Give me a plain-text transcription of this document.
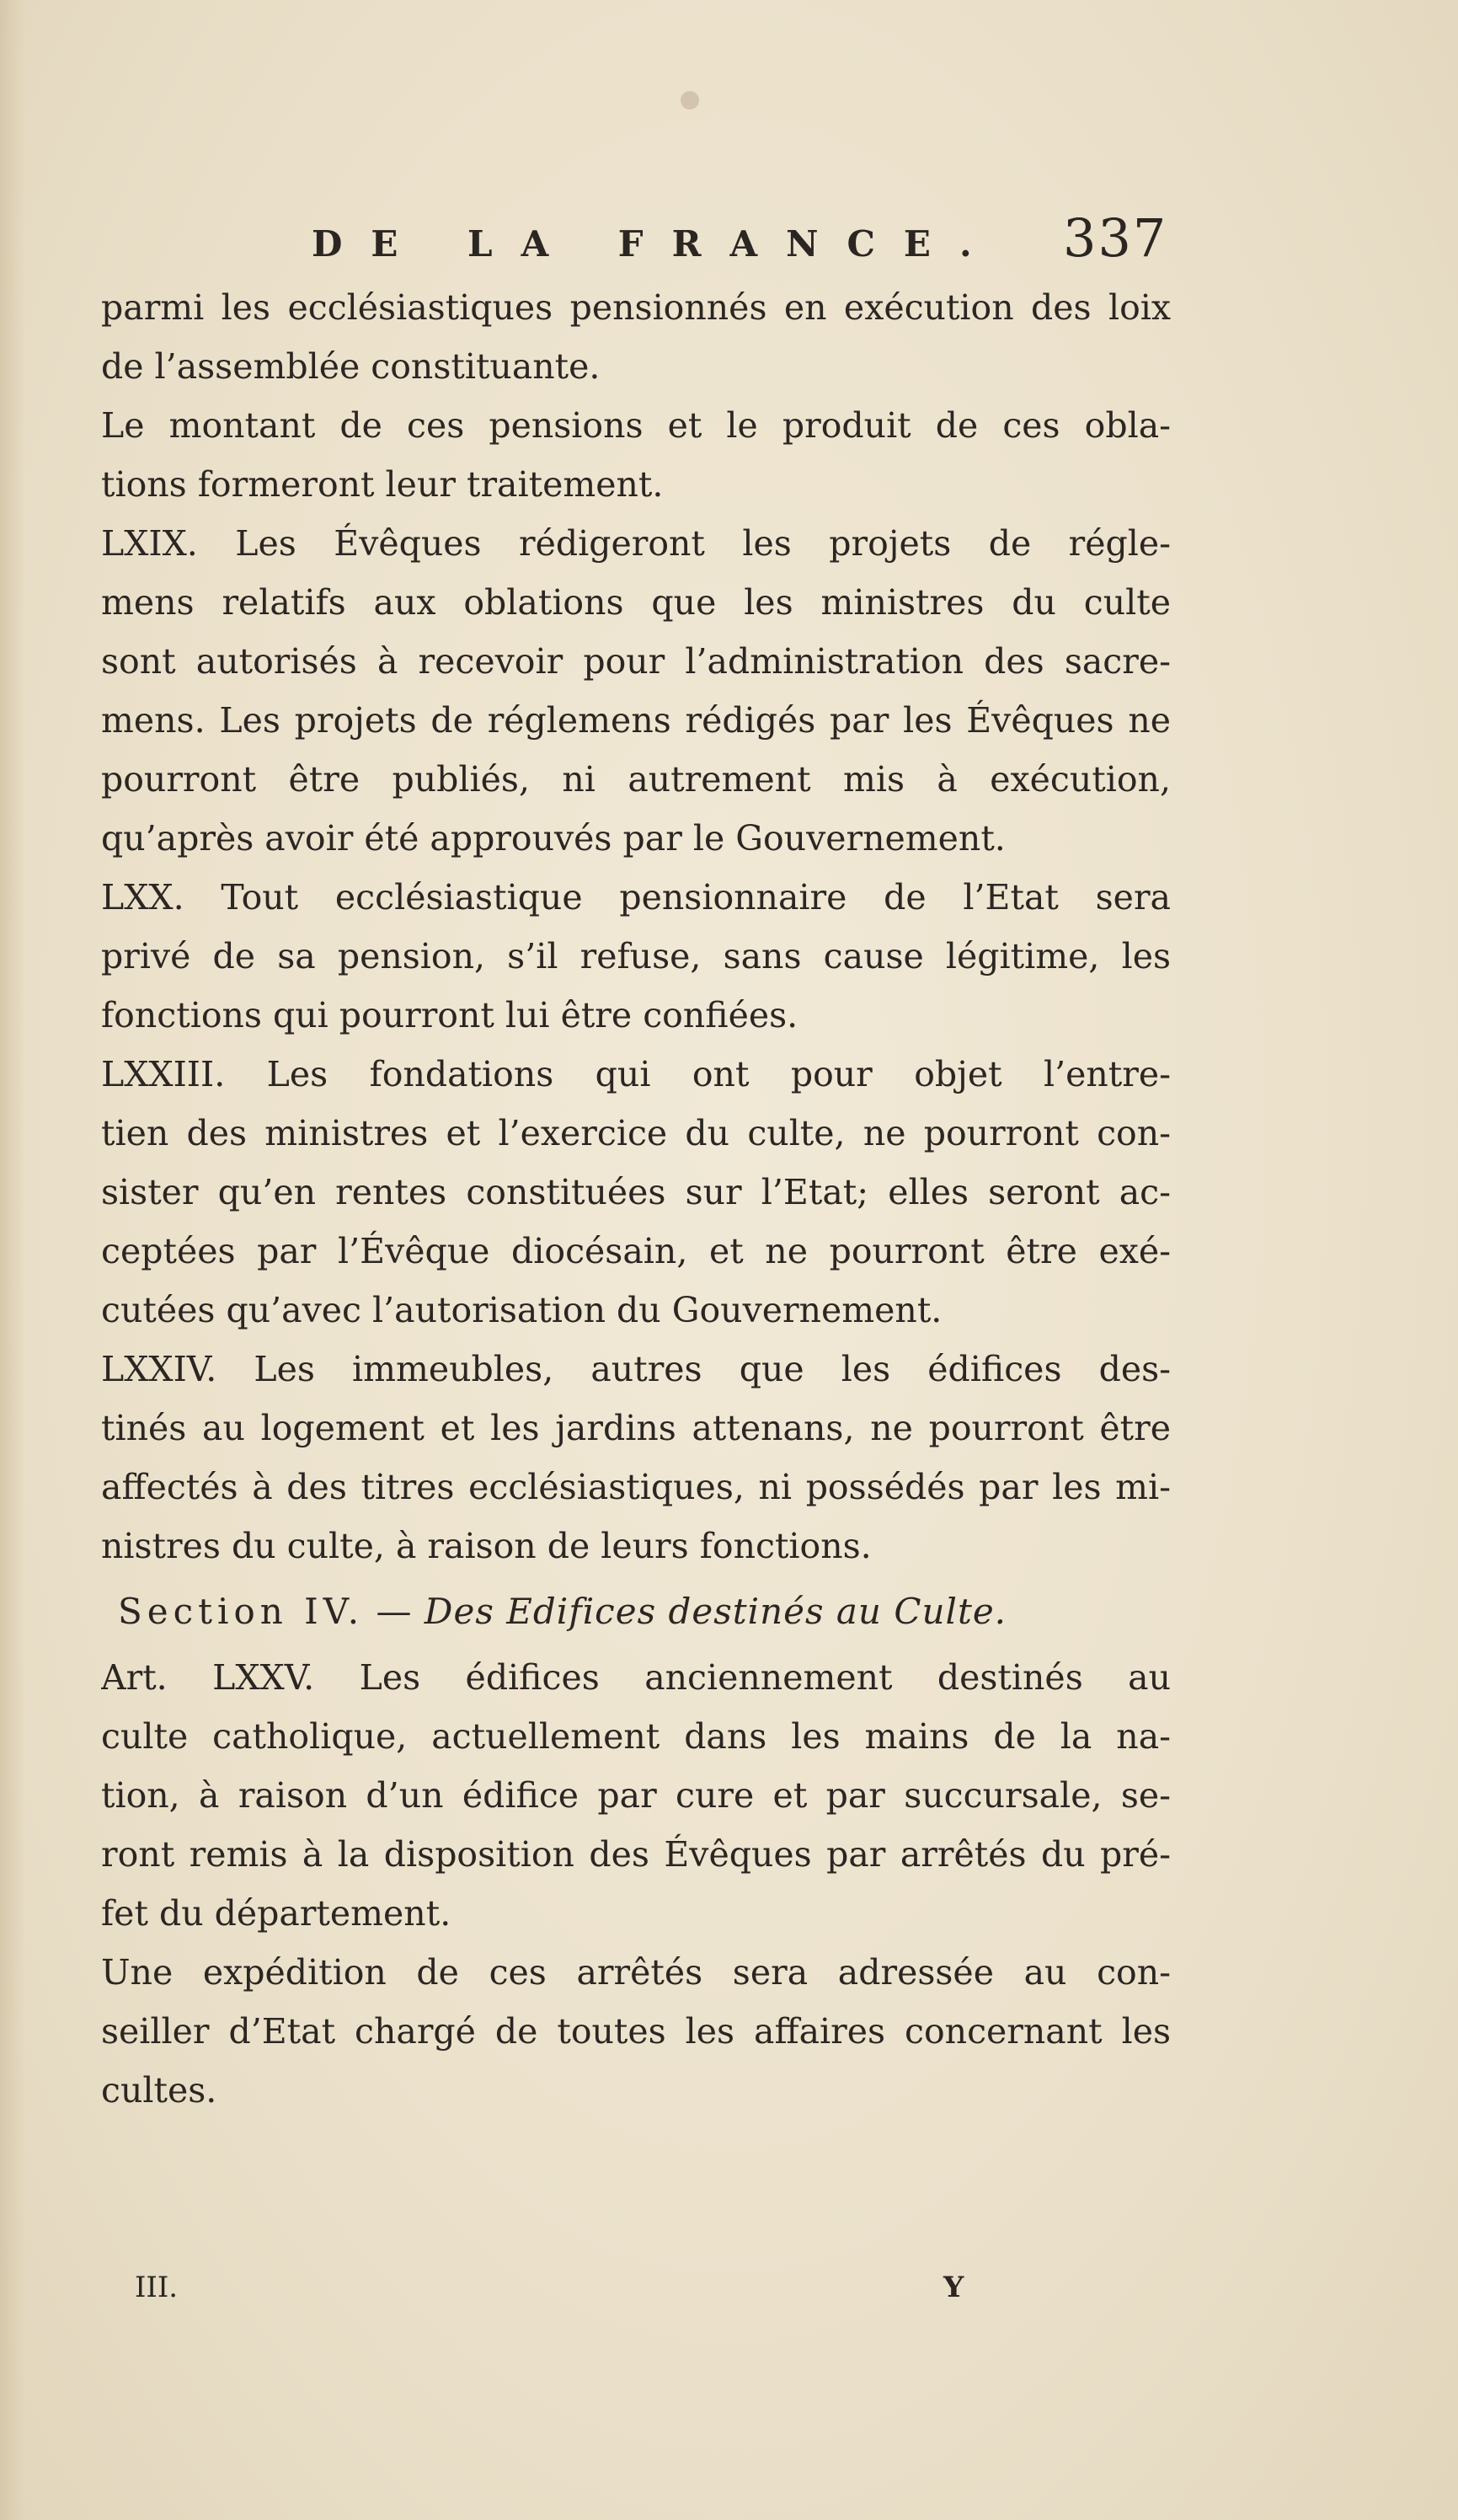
DE LA FRANCE.	337
parmi les ecclésiastiques pensionnés en exécution des loix
de l’assemblée constituante.
Le montant de ces pensions et le produit de ces obla-
tions formeront leur traitement.
LXIX. Les Évêques rédigeront les projets de régle-
mens relatifs aux oblations que les ministres du culte
sont autorisés à recevoir pour l’administration des sacre-
mens. Les projets de réglemens rédigés par les Évêques ne
pourront être publiés, ni autrement mis à exécution,
qu’après avoir été approuvés par le Gouvernement.
LXX. Tout ecclésiastique pensionnaire de l’Etat sera
privé de sa pension, s’il refuse, sans cause légitime, les
fonctions qui pourront lui être confiées.
LXXIII. Les fondations qui ont pour objet l’entre-
tien des ministres et l’exercice du culte, ne pourront con-
sister qu’en rentes constituées sur l’Etat; elles seront ac-
ceptées par l’Évêque diocésain, et ne pourront être exé-
cutées qu’avec l’autorisation du Gouvernement.
LXXIV. Les immeubles, autres que les édifices des-
tinés au logement et les jardins attenans, ne pourront être
affectés à des titres ecclésiastiques, ni possédés par les mi-
nistres du culte, à raison de leurs fonctions.
Section IV. — Des Edifices destinés au Culte.
Art. LXXV. Les édifices anciennement destinés au
culte catholique, actuellement dans les mains de la na-
tion, à raison d’un édifice par cure et par succursale, se-
ront remis à la disposition des Évêques par arrêtés du pré-
fet du département.
Une expédition de ces arrêtés sera adressée au con-
seiller d’Etat chargé de toutes les affaires concernant les
cultes.
III.	Y
